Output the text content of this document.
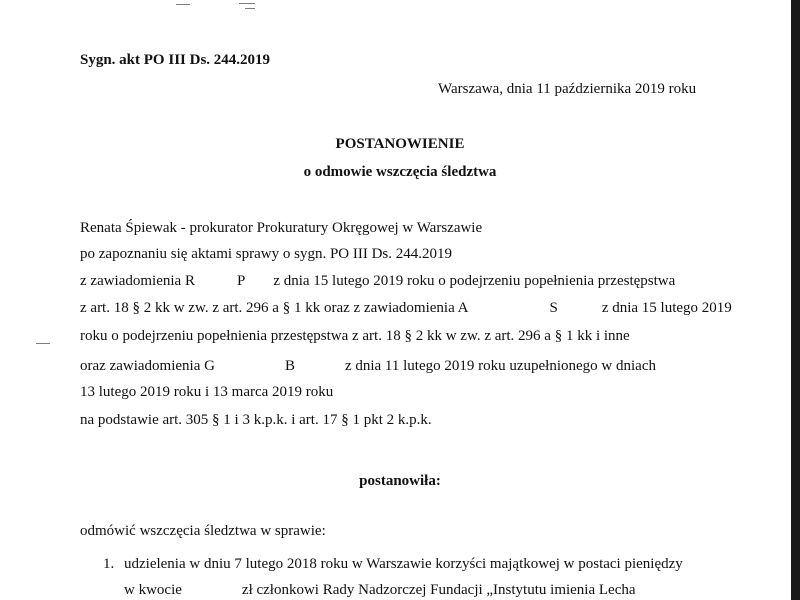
Sygn. akt PO III Ds. 244.2019
Warszawa, dnia 11 października 2019 roku
POSTANOWIENIE
o odmowie wszczęcia śledztwa
Renata Śpiewak - prokurator Prokuratury Okręgowej w Warszawie
po zapoznaniu się aktami sprawy o sygn. PO III Ds. 244.2019
z zawiadomienia R	P z dnia 15 lutego 2019 roku o podejrzeniu popełnienia przestępstwa
z art. 18 § 2 kk w zw. z art. 296 a § 1 kk oraz z zawiadomienia A	S	z dnia 15 lutego 2019
roku o podejrzeniu popełnienia przestępstwa z art. 18 § 2 kk w zw. z art. 296 a § 1 kk i inne
oraz zawiadomienia G	B	z dnia 11 lutego 2019 roku uzupełnionego w dniach
13 lutego 2019 roku i 13 marca 2019 roku
na podstawie art. 305 § 1 i 3 k.p.k. i art. 17 § 1 pkt 2 k.p.k.
postanowiła:
odmówić wszczęcia śledztwa w sprawie:
1. udzielenia w dniu 7 lutego 2018 roku w Warszawie korzyści majątkowej w postaci pieniędzy
w kwocie	zł członkowi Rady Nadzorczej Fundacji „Instytutu imienia Lecha
